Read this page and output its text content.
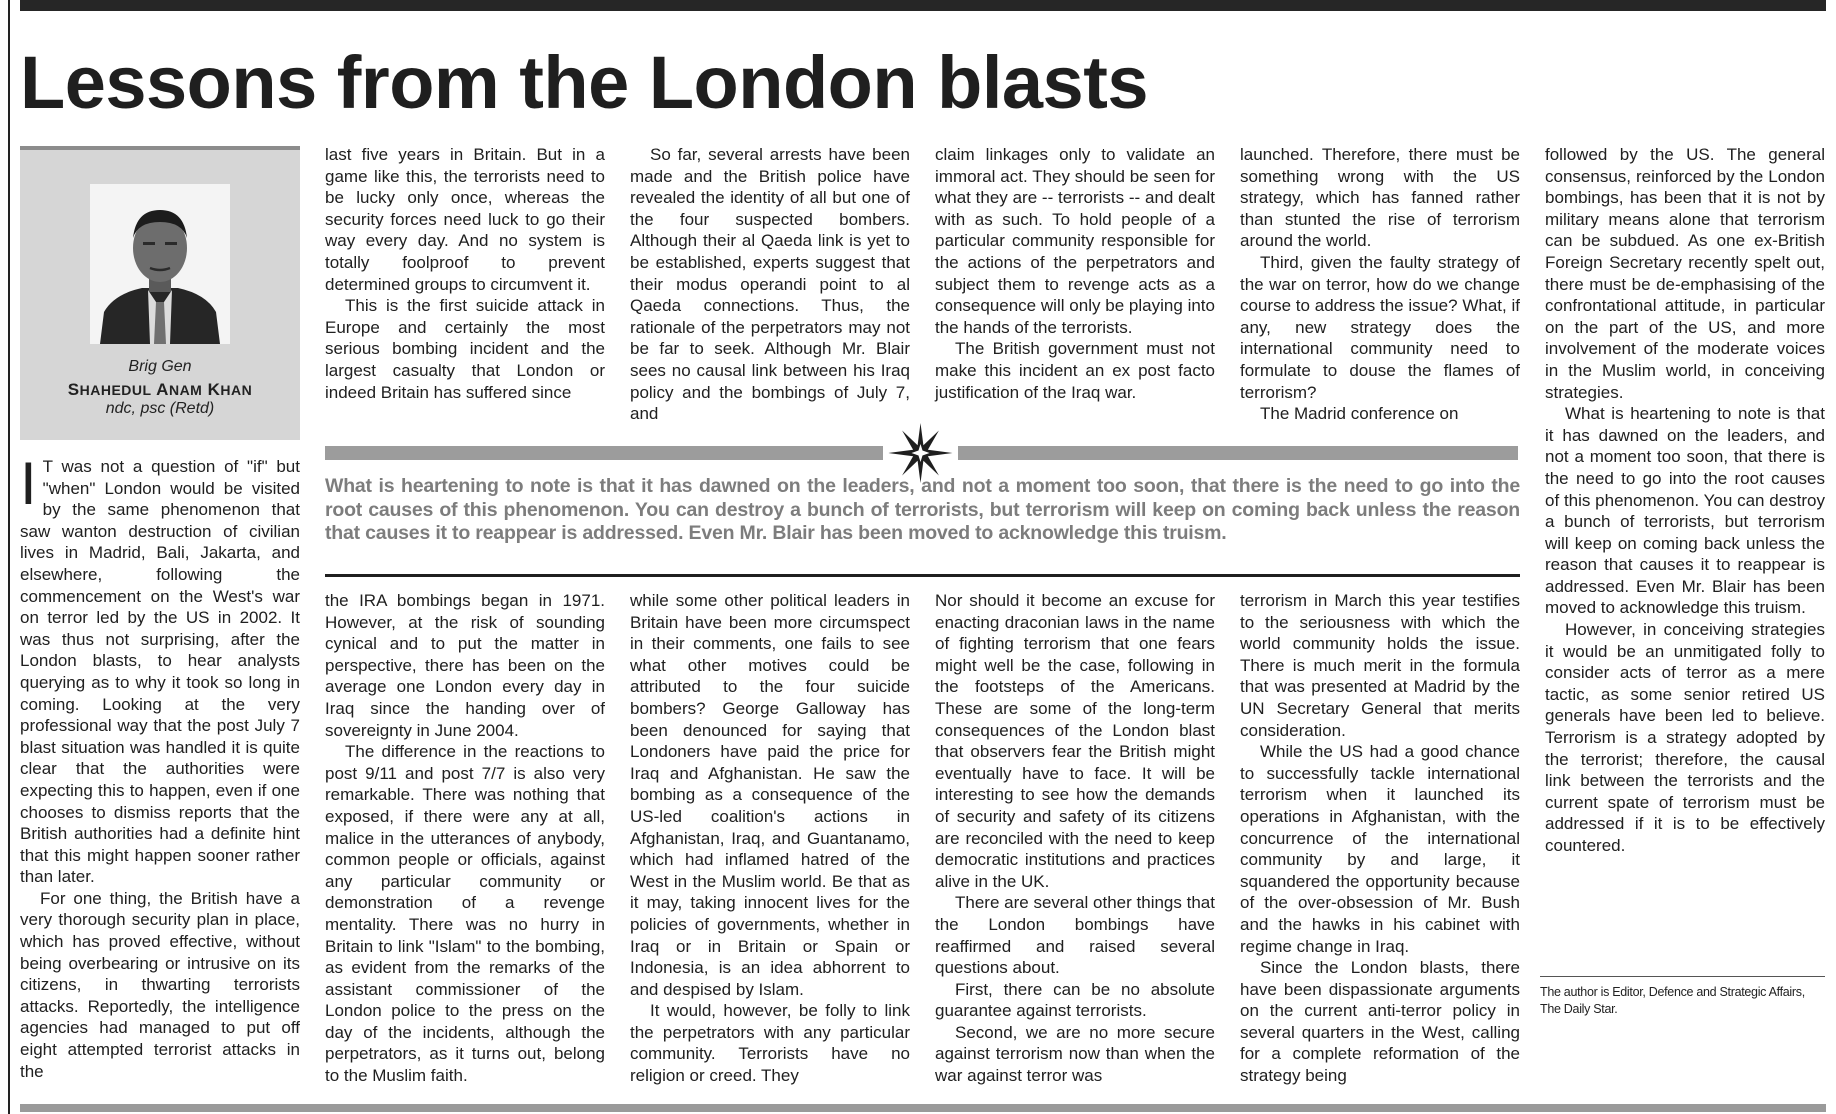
Lessons from the London blasts
Brig Gen
SHAHEDUL ANAM KHAN
ndc, psc (Retd)

I T was not a question of "if" but "when" London would be visited by the same phenomenon that saw wanton destruction of civilian lives in Madrid, Bali, Jakarta, and elsewhere, following the commencement on the West's war on terror led by the US in 2002. It was thus not surprising, after the London blasts, to hear analysts querying as to why it took so long in coming. Looking at the very professional way that the post July 7 blast situation was handled it is quite clear that the authorities were expecting this to happen, even if one chooses to dismiss reports that the British authorities had a definite hint that this might happen sooner rather than later.

For one thing, the British have a very thorough security plan in place, which has proved effective, without being overbearing or intrusive on its citizens, in thwarting terrorists attacks. Reportedly, the intelligence agencies had managed to put off eight attempted terrorist attacks in the

last five years in Britain. But in a game like this, the terrorists need to be lucky only once, whereas the security forces need luck to go their way every day. And no system is totally foolproof to prevent determined groups to circumvent it.

This is the first suicide attack in Europe and certainly the most serious bombing incident and the largest casualty that London or indeed Britain has suffered since

So far, several arrests have been made and the British police have revealed the identity of all but one of the four suspected bombers. Although their al Qaeda link is yet to be established, experts suggest that their modus operandi point to al Qaeda connections. Thus, the rationale of the perpetrators may not be far to seek. Although Mr. Blair sees no causal link between his Iraq policy and the bombings of July 7, and

claim linkages only to validate an immoral act. They should be seen for what they are -- terrorists -- and dealt with as such. To hold people of a particular community responsible for the actions of the perpetrators and subject them to revenge acts as a consequence will only be playing into the hands of the terrorists.

The British government must not make this incident an ex post facto justification of the Iraq war.

launched. Therefore, there must be something wrong with the US strategy, which has fanned rather than stunted the rise of terrorism around the world.

Third, given the faulty strategy of the war on terror, how do we change course to address the issue? What, if any, new strategy does the international community need to formulate to douse the flames of terrorism?

The Madrid conference on

What is heartening to note is that it has dawned on the leaders, and not a moment too soon, that there is the need to go into the root causes of this phenomenon. You can destroy a bunch of terrorists, but terrorism will keep on coming back unless the reason that causes it to reappear is addressed. Even Mr. Blair has been moved to acknowledge this truism.

the IRA bombings began in 1971. However, at the risk of sounding cynical and to put the matter in perspective, there has been on the average one London every day in Iraq since the handing over of sovereignty in June 2004.

The difference in the reactions to post 9/11 and post 7/7 is also very remarkable. There was nothing that exposed, if there were any at all, malice in the utterances of anybody, common people or officials, against any particular community or demonstration of a revenge mentality. There was no hurry in Britain to link "Islam" to the bombing, as evident from the remarks of the assistant commissioner of the London police to the press on the day of the incidents, although the perpetrators, as it turns out, belong to the Muslim faith.

while some other political leaders in Britain have been more circumspect in their comments, one fails to see what other motives could be attributed to the four suicide bombers? George Galloway has been denounced for saying that Londoners have paid the price for Iraq and Afghanistan. He saw the bombing as a consequence of the US-led coalition's actions in Afghanistan, Iraq, and Guantanamo, which had inflamed hatred of the West in the Muslim world. Be that as it may, taking innocent lives for the policies of governments, whether in Iraq or in Britain or Spain or Indonesia, is an idea abhorrent to and despised by Islam.

It would, however, be folly to link the perpetrators with any particular community. Terrorists have no religion or creed. They

Nor should it become an excuse for enacting draconian laws in the name of fighting terrorism that one fears might well be the case, following in the footsteps of the Americans. These are some of the long-term consequences of the London blast that observers fear the British might eventually have to face. It will be interesting to see how the demands of security and safety of its citizens are reconciled with the need to keep democratic institutions and practices alive in the UK.

There are several other things that the London bombings have reaffirmed and raised several questions about.

First, there can be no absolute guarantee against terrorists.

Second, we are no more secure against terrorism now than when the war against terror was

terrorism in March this year testifies to the seriousness with which the world community holds the issue. There is much merit in the formula that was presented at Madrid by the UN Secretary General that merits consideration.

While the US had a good chance to successfully tackle international terrorism when it launched its operations in Afghanistan, with the concurrence of the international community by and large, it squandered the opportunity because of the over-obsession of Mr. Bush and the hawks in his cabinet with regime change in Iraq.

Since the London blasts, there have been dispassionate arguments on the current anti-terror policy in several quarters in the West, calling for a complete reformation of the strategy being

followed by the US. The general consensus, reinforced by the London bombings, has been that it is not by military means alone that terrorism can be subdued. As one ex-British Foreign Secretary recently spelt out, there must be de-emphasising of the confrontational attitude, in particular on the part of the US, and more involvement of the moderate voices in the Muslim world, in conceiving strategies.

What is heartening to note is that it has dawned on the leaders, and not a moment too soon, that there is the need to go into the root causes of this phenomenon. You can destroy a bunch of terrorists, but terrorism will keep on coming back unless the reason that causes it to reappear is addressed. Even Mr. Blair has been moved to acknowledge this truism.

However, in conceiving strategies it would be an unmitigated folly to consider acts of terror as a mere tactic, as some senior retired US generals have been led to believe. Terrorism is a strategy adopted by the terrorist; therefore, the causal link between the terrorists and the current spate of terrorism must be addressed if it is to be effectively countered.

The author is Editor, Defence and Strategic Affairs, The Daily Star.
